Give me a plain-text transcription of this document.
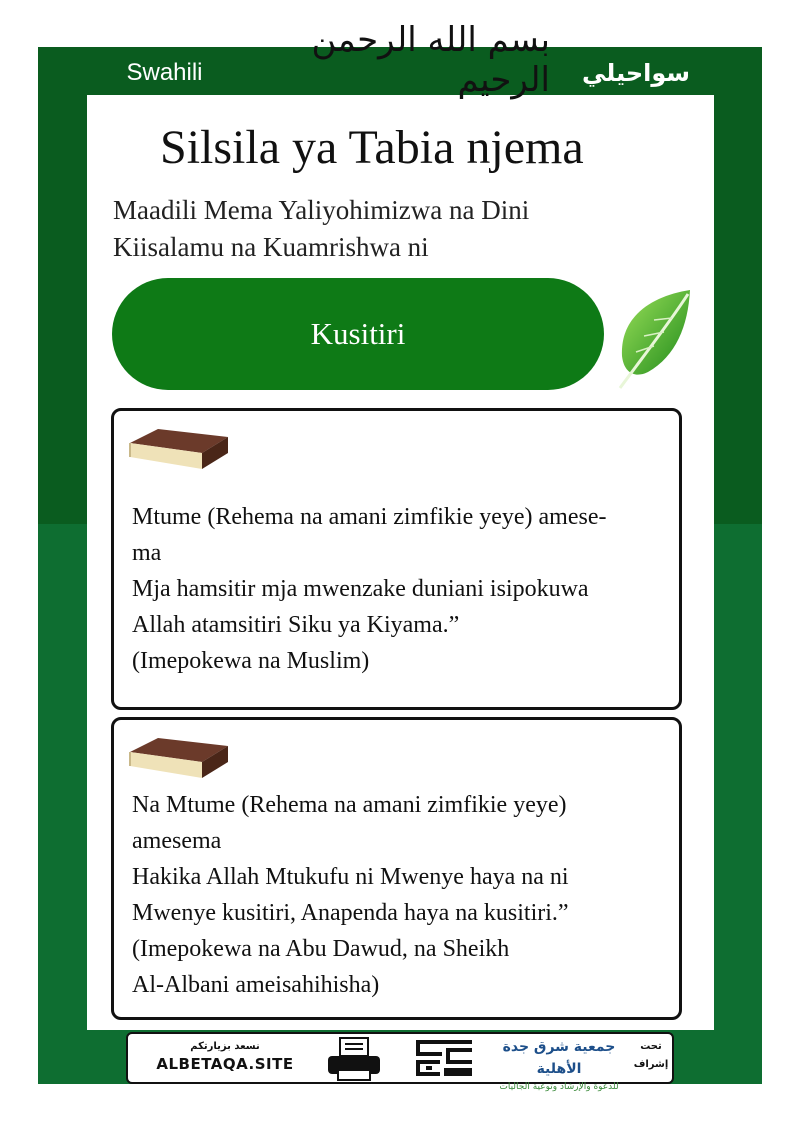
Swahili	سواحيلي
بسم الله الرحمن الرحيم
Silsila ya Tabia njema
Maadili Mema Yaliyohimizwa na Dini
Kiisalamu na Kuamrishwa ni
Kusitiri
Mtume (Rehema na amani zimfikie yeye) amese-
ma
Mja hamsitir mja mwenzake duniani isipokuwa
Allah atamsitiri Siku ya Kiyama.”
(Imepokewa na Muslim)
Na Mtume (Rehema na amani zimfikie yeye)
amesema
Hakika Allah Mtukufu ni Mwenye haya na ni
Mwenye kusitiri, Anapenda haya na kusitiri.”
(Imepokewa na Abu Dawud, na Sheikh
Al-Albani ameisahihisha)
نسعد بزيارتكم
ALBETAQA.SITE
جمعية شرق جدة الأهلية
للدعوة والإرشاد وتوعية الجاليات
تحت إشراف
